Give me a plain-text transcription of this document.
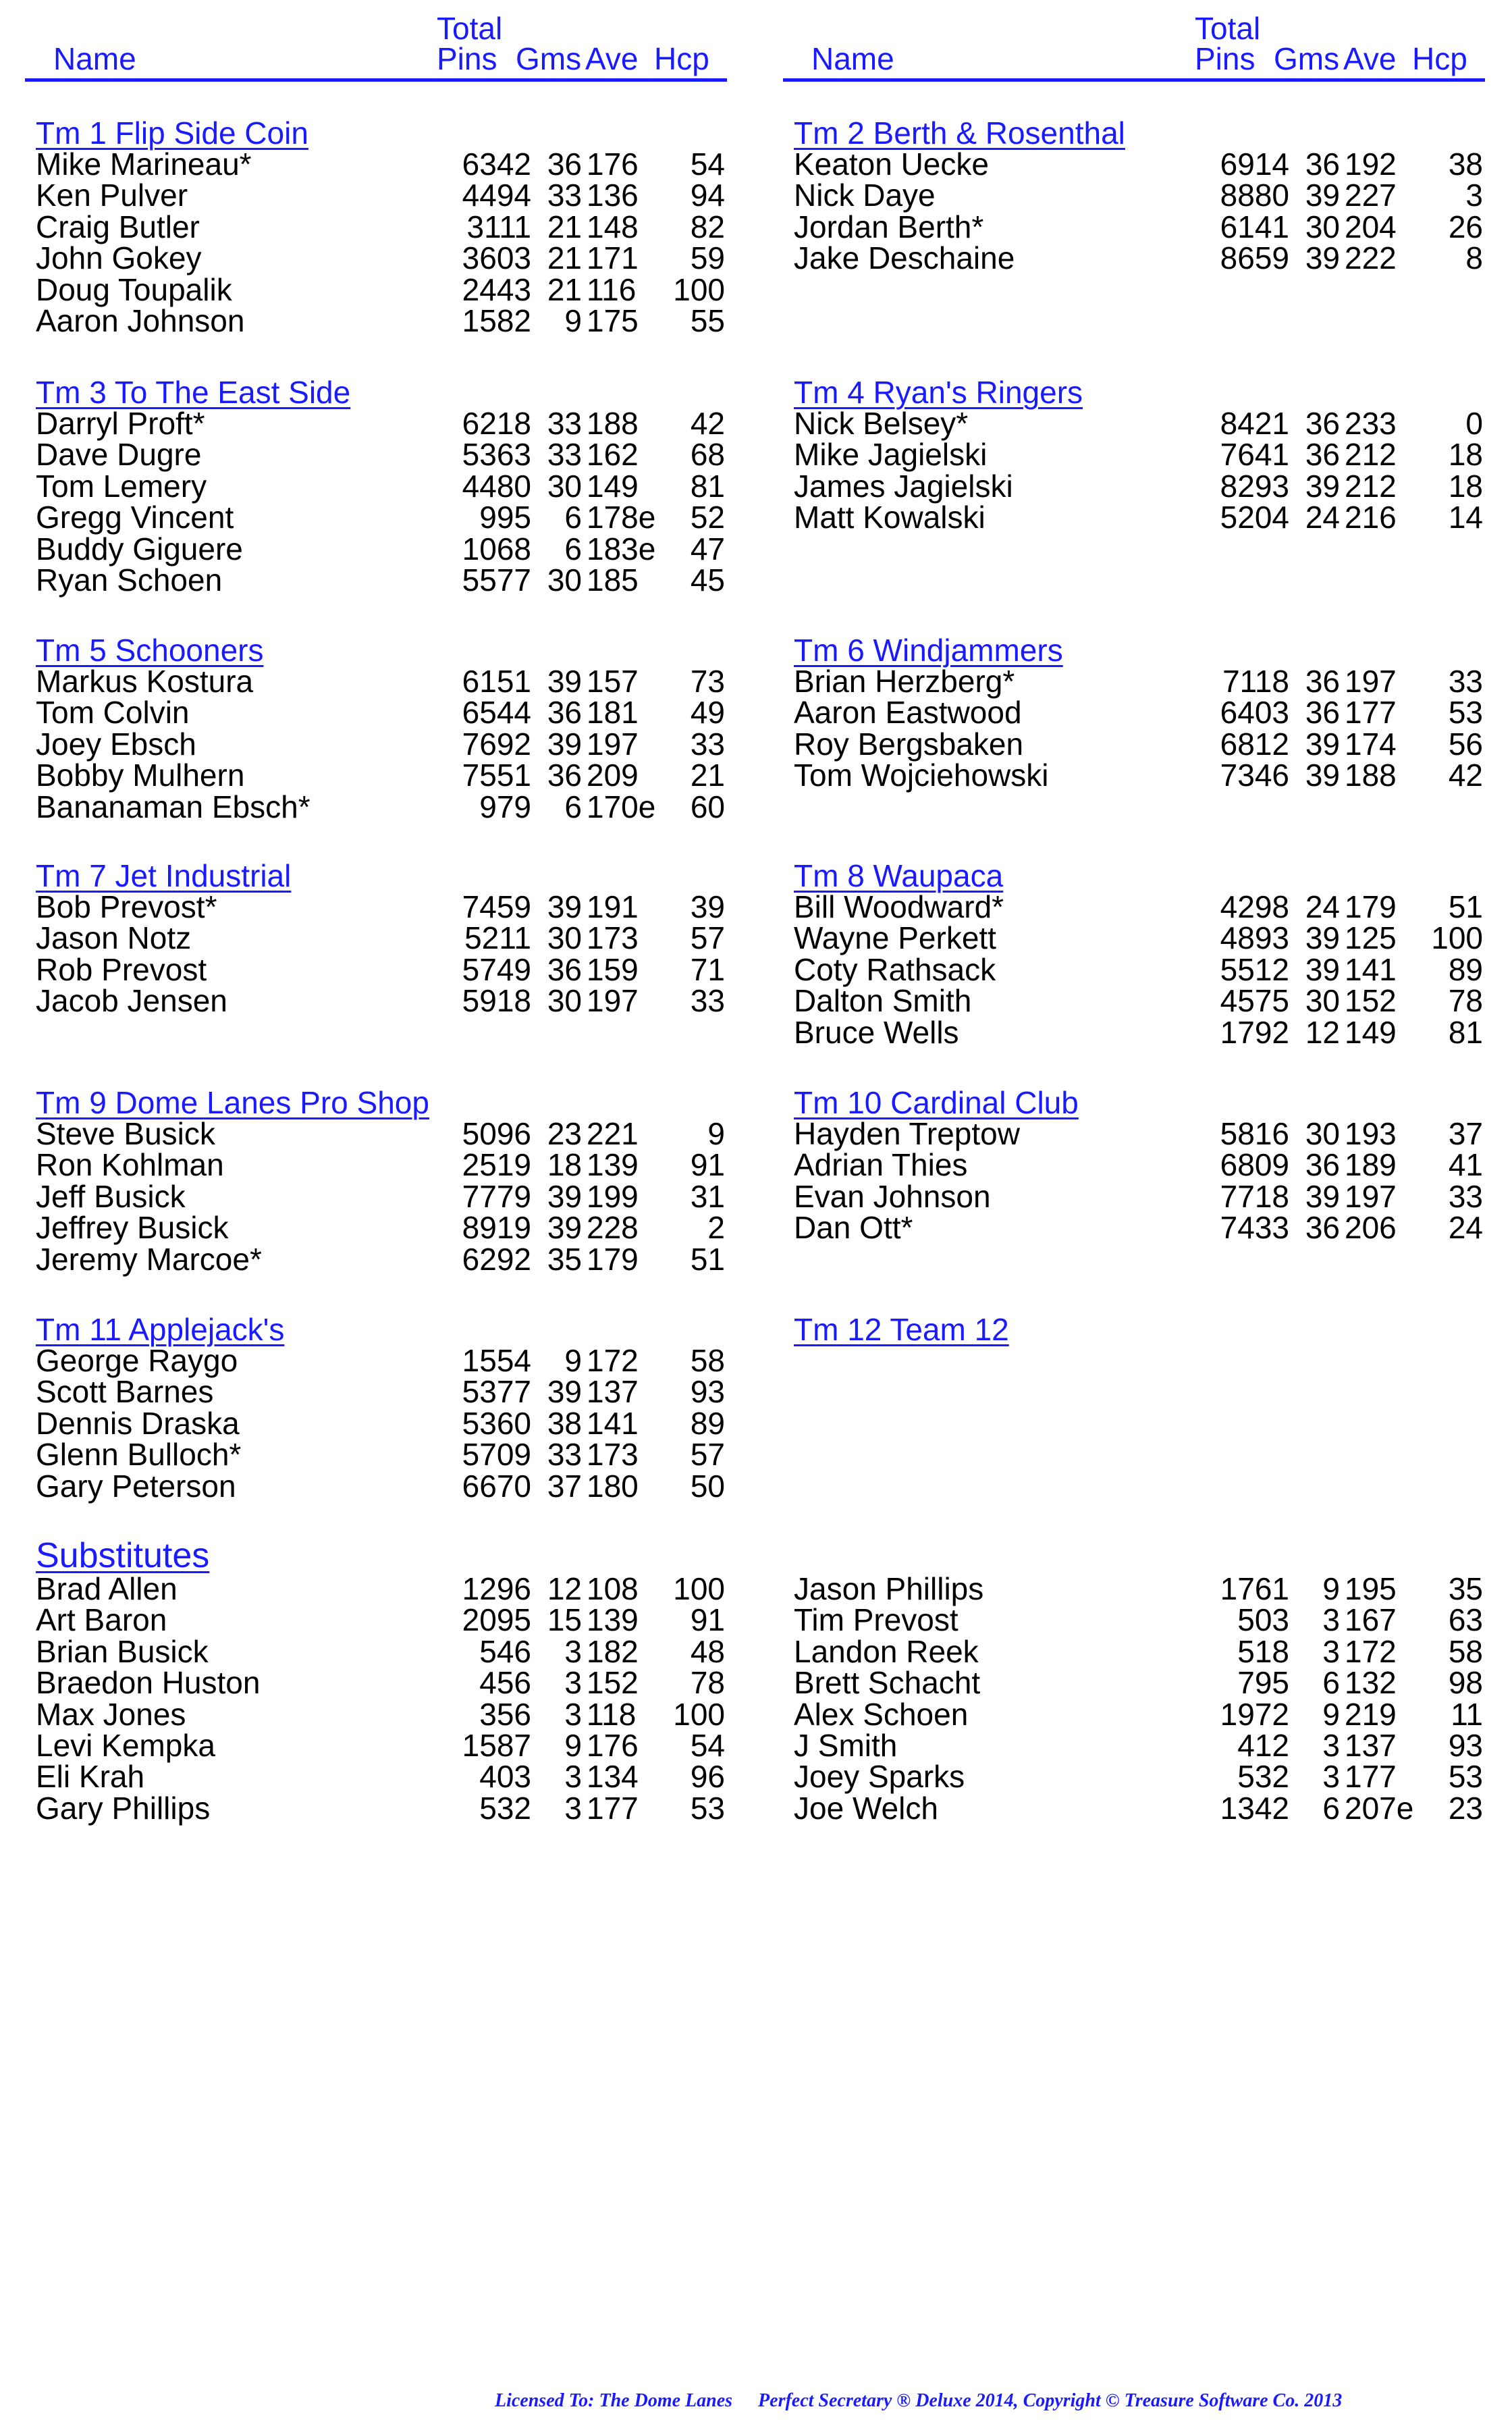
Name
Total
Pins Gms Ave Hcp
Tm 1 Flip Side Coin
Mike Marineau*	6342 36 176 54
Ken Pulver	4494 33 136 94
Craig Butler	3111 21 148 82
John Gokey	3603 21 171 59
Doug Toupalik	2443 21 116 100
Aaron Johnson	1582 9 175 55
Tm 3 To The East Side
Darryl Proft*	6218 33 188 42
Dave Dugre	5363 33 162 68
Tom Lemery	4480 30 149 81
Gregg Vincent	995 6 178e 52
Buddy Giguere	1068 6 183e 47
Ryan Schoen	5577 30 185 45
Tm 5 Schooners
Markus Kostura	6151 39 157 73
Tom Colvin	6544 36 181 49
Joey Ebsch	7692 39 197 33
Bobby Mulhern	7551 36 209 21
Bananaman Ebsch*	979 6 170e 60
Tm 7 Jet Industrial
Bob Prevost*	7459 39 191 39
Jason Notz	5211 30 173 57
Rob Prevost	5749 36 159 71
Jacob Jensen	5918 30 197 33
Tm 9 Dome Lanes Pro Shop
Steve Busick	5096 23 221 9
Ron Kohlman	2519 18 139 91
Jeff Busick	7779 39 199 31
Jeffrey Busick	8919 39 228 2
Jeremy Marcoe*	6292 35 179 51
Tm 11 Applejack's
George Raygo	1554 9 172 58
Scott Barnes	5377 39 137 93
Dennis Draska	5360 38 141 89
Glenn Bulloch*	5709 33 173 57
Gary Peterson	6670 37 180 50
Substitutes
Brad Allen	1296 12 108 100
Art Baron	2095 15 139 91
Brian Busick	546 3 182 48
Braedon Huston	456 3 152 78
Max Jones	356 3 118 100
Levi Kempka	1587 9 176 54
Eli Krah	403 3 134 96
Gary Phillips	532 3 177 53
Name
Total
Pins Gms Ave Hcp
Tm 2 Berth & Rosenthal
Keaton Uecke	6914 36 192 38
Nick Daye	8880 39 227 3
Jordan Berth*	6141 30 204 26
Jake Deschaine	8659 39 222 8
Tm 4 Ryan's Ringers
Nick Belsey*	8421 36 233 0
Mike Jagielski	7641 36 212 18
James Jagielski	8293 39 212 18
Matt Kowalski	5204 24 216 14
Tm 6 Windjammers
Brian Herzberg*	7118 36 197 33
Aaron Eastwood	6403 36 177 53
Roy Bergsbaken	6812 39 174 56
Tom Wojciehowski	7346 39 188 42
Tm 8 Waupaca
Bill Woodward*	4298 24 179 51
Wayne Perkett	4893 39 125 100
Coty Rathsack	5512 39 141 89
Dalton Smith	4575 30 152 78
Bruce Wells	1792 12 149 81
Tm 10 Cardinal Club
Hayden Treptow	5816 30 193 37
Adrian Thies	6809 36 189 41
Evan Johnson	7718 39 197 33
Dan Ott*	7433 36 206 24
Tm 12 Team 12
Jason Phillips	1761 9 195 35
Tim Prevost	503 3 167 63
Landon Reek	518 3 172 58
Brett Schacht	795 6 132 98
Alex Schoen	1972 9 219 11
J Smith	412 3 137 93
Joey Sparks	532 3 177 53
Joe Welch	1342 6 207e 23
Licensed To: The Dome Lanes Perfect Secretary ® Deluxe 2014, Copyright © Treasure Software Co. 2013
